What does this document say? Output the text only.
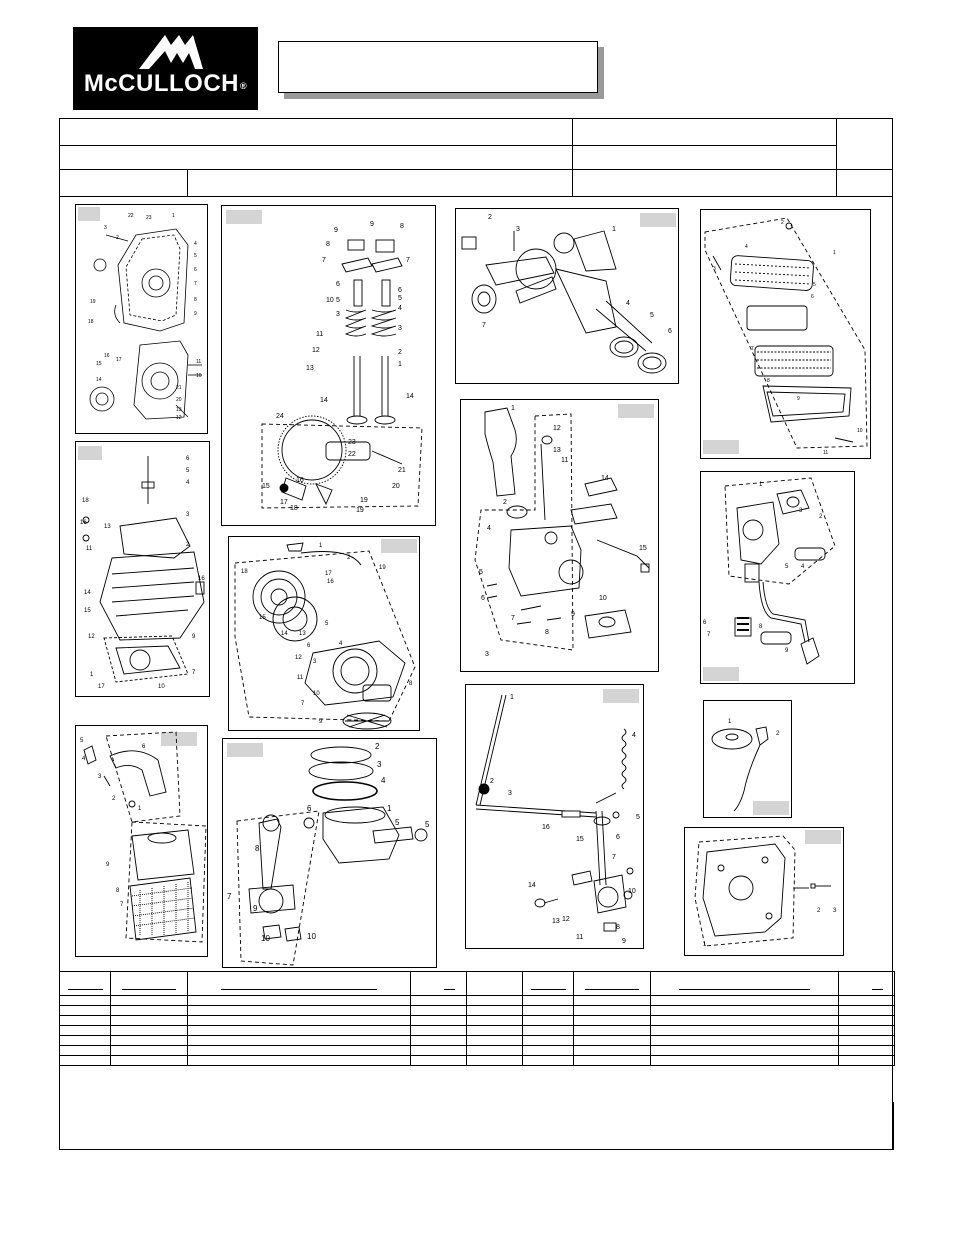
McCULLOCH®
22 23	1
19
18
17
16
15
14
13
12
11
10
9
8
7
6
5
4
3
2
21
20
9
9
8
8
7	7
6
6
5	5
10
3
4
11
3
12	2
13
1
14
14
24
23
22
21
15
16
17
18
19
19
20
2
3	1
4
5
6
7
1
2
3
4
5
6
7
8
9
10
11
6
5
4
3
2
18
16
13
11
14
15
12
1
17
16
7
9
10
1
2
19
16
17
18
15
14 13
12
11
10
9
8
7
6
5
4
3
1
12
11
13
14
15
2
3
4
5
6
7
8
9
10
1
2
3
4
5
6
7
8
9
6
5
4
3
2
1
9
8
7
2
3
4
1
5	5
6
8
7
9
10	10
1
2
3
4
5
6
7
8
9
10
11
12
13
14
15
16
1
2
1
2 3
